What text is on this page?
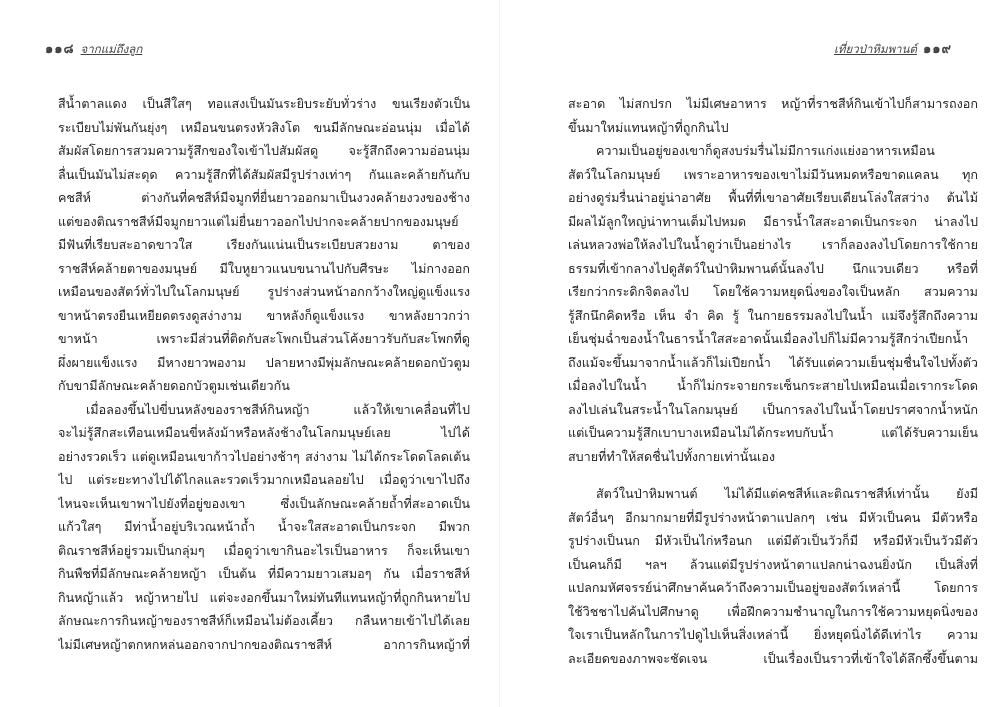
๑๑๘ จากแม่ถึงลูก
สีน้ำตาลแดง เป็นสีใสๆ ทอแสงเป็นมันระยิบระยับทั่วร่าง ขนเรียงตัวเป็น
ระเบียบไม่พันกันยุ่งๆ เหมือนขนตรงหัวสิงโต ขนมีลักษณะอ่อนนุ่ม เมื่อได้
สัมผัสโดยการสวมความรู้สึกของใจเข้าไปสัมผัสดู จะรู้สึกถึงความอ่อนนุ่ม
ลื่นเป็นมันไม่สะดุด ความรู้สึกที่ได้สัมผัสมีรูปร่างเท่าๆ กันและคล้ายกันกับ
คชสีห์ ต่างกันที่คชสีห์มีจมูกที่ยื่นยาวออกมาเป็นงวงคล้ายงวงของช้าง
แต่ของติณราชสีห์มีจมูกยาวแต่ไม่ยื่นยาวออกไปปากจะคล้ายปากของมนุษย์
มีฟันที่เรียบสะอาดขาวใส เรียงกันแน่นเป็นระเบียบสวยงาม ตาของ
ราชสีห์คล้ายตาของมนุษย์ มีใบหูยาวแนบขนานไปกับศีรษะ ไม่กางออก
เหมือนของสัตว์ทั่วไปในโลกมนุษย์ รูปร่างส่วนหน้าอกกว้างใหญ่ดูแข็งแรง
ขาหน้าตรงยืนเหยียดตรงดูสง่างาม ขาหลังก็ดูแข็งแรง ขาหลังยาวกว่า
ขาหน้า เพราะมีส่วนที่ติดกับสะโพกเป็นส่วนโค้งยาวรับกับสะโพกที่ดู
ผึ่งผายแข็งแรง มีหางยาวพองาม ปลายหางมีพุ่มลักษณะคล้ายดอกบัวตูม
กับขามีลักษณะคล้ายดอกบัวตูมเช่นเดียวกัน
เมื่อลองขึ้นไปขี่บนหลังของราชสีห์กินหญ้า แล้วให้เขาเคลื่อนที่ไป
จะไม่รู้สึกสะเทือนเหมือนขี่หลังม้าหรือหลังช้างในโลกมนุษย์เลย ไปได้
อย่างรวดเร็ว แต่ดูเหมือนเขาก้าวไปอย่างช้าๆ สง่างาม ไม่ได้กระโดดโลดเต้น
ไป แต่ระยะทางไปได้ไกลและรวดเร็วมากเหมือนลอยไป เมื่อดูว่าเขาไปถึง
ไหนจะเห็นเขาพาไปยังที่อยู่ของเขา ซึ่งเป็นลักษณะคล้ายถ้ำที่สะอาดเป็น
แก้วใสๆ มีท่าน้ำอยู่บริเวณหน้าถ้ำ น้ำจะใสสะอาดเป็นกระจก มีพวก
ติณราชสีห์อยู่รวมเป็นกลุ่มๆ เมื่อดูว่าเขากินอะไรเป็นอาหาร ก็จะเห็นเขา
กินพืชที่มีลักษณะคล้ายหญ้า เป็นต้น ที่มีความยาวเสมอๆ กัน เมื่อราชสีห์
กินหญ้าแล้ว หญ้าหายไป แต่จะงอกขึ้นมาใหม่ทันทีแทนหญ้าที่ถูกกินหายไป
ลักษณะการกินหญ้าของราชสีห์ก็เหมือนไม่ต้องเคี้ยว กลืนหายเข้าไปได้เลย
ไม่มีเศษหญ้าตกหกหล่นออกจากปากของติณราชสีห์ อาการกินหญ้าที่
เที่ยวป่าหิมพานต์ ๑๑๙
สะอาด ไม่สกปรก ไม่มีเศษอาหาร หญ้าที่ราชสีห์กินเข้าไปก็สามารถงอก
ขึ้นมาใหม่แทนหญ้าที่ถูกกินไป
ความเป็นอยู่ของเขาก็ดูสงบร่มรื่นไม่มีการแก่งแย่งอาหารเหมือน
สัตว์ในโลกมนุษย์ เพราะอาหารของเขาไม่มีวันหมดหรือขาดแคลน ทุก
อย่างดูร่มรื่นน่าอยู่น่าอาศัย พื้นที่ที่เขาอาศัยเรียบเตียนโล่งใสสว่าง ต้นไม้
มีผลไม้ลูกใหญ่น่าทานเต็มไปหมด มีธารน้ำใสสะอาดเป็นกระจก น่าลงไป
เล่นหลวงพ่อให้ลงไปในน้ำดูว่าเป็นอย่างไร เราก็ลองลงไปโดยการใช้กาย
ธรรมที่เข้ากลางไปดูสัตว์ในป่าหิมพานต์นั้นลงไป นึกแวบเดียว หรือที่
เรียกว่ากระดิกจิตลงไป โดยใช้ความหยุดนิ่งของใจเป็นหลัก สวมความ
รู้สึกนึกคิดหรือ เห็น จำ คิด รู้ ในกายธรรมลงไปในน้ำ แม่จึงรู้สึกถึงความ
เย็นชุ่มฉ่ำของน้ำในธารน้ำใสสะอาดนั้นเมื่อลงไปก็ไม่มีความรู้สึกว่าเปียกน้ำ
ถึงแม้จะขึ้นมาจากน้ำแล้วก็ไม่เปียกน้ำ ได้รับแต่ความเย็นชุ่มชื่นใจไปทั้งตัว
เมื่อลงไปในน้ำ น้ำก็ไม่กระจายกระเซ็นกระสายไปเหมือนเมื่อเรากระโดด
ลงไปเล่นในสระน้ำในโลกมนุษย์ เป็นการลงไปในน้ำโดยปราศจากน้ำหนัก
แต่เป็นความรู้สึกเบาบางเหมือนไม่ได้กระทบกับน้ำ แต่ได้รับความเย็น
สบายที่ทำให้สดชื่นไปทั้งกายเท่านั้นเอง
สัตว์ในป่าหิมพานต์ ไม่ได้มีแต่คชสีห์และติณราชสีห์เท่านั้น ยังมี
สัตว์อื่นๆ อีกมากมายที่มีรูปร่างหน้าตาแปลกๆ เช่น มีหัวเป็นคน มีตัวหรือ
รูปร่างเป็นนก มีหัวเป็นไก่หรือนก แต่มีตัวเป็นวัวก็มี หรือมีหัวเป็นวัวมีตัว
เป็นคนก็มี ฯลฯ ล้วนแต่มีรูปร่างหน้าตาแปลกน่าฉงนยิ่งนัก เป็นสิ่งที่
แปลกมหัศจรรย์น่าศึกษาค้นคว้าถึงความเป็นอยู่ของสัตว์เหล่านี้ โดยการ
ใช้วิชชาไปค้นไปศึกษาดู เพื่อฝึกความชำนาญในการใช้ความหยุดนิ่งของ
ใจเราเป็นหลักในการไปดูไปเห็นสิ่งเหล่านี้ ยิ่งหยุดนิ่งได้ดีเท่าไร ความ
ละเอียดของภาพจะชัดเจน เป็นเรื่องเป็นราวที่เข้าใจได้ลึกซึ้งขึ้นตาม
